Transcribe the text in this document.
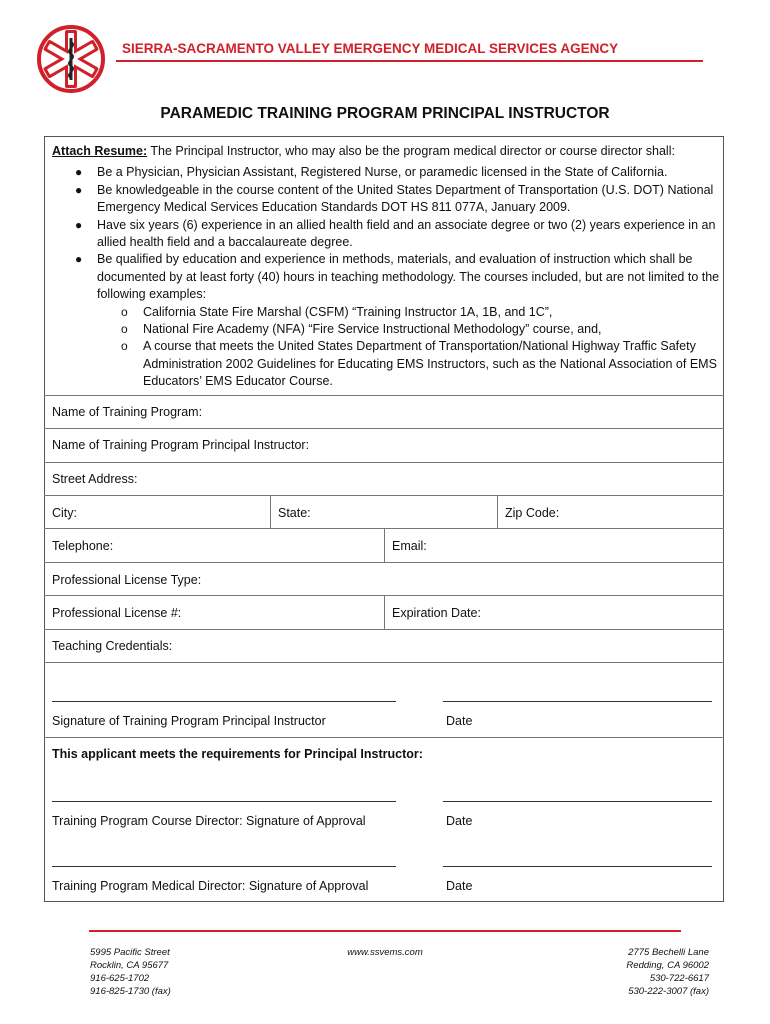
SIERRA-SACRAMENTO VALLEY EMERGENCY MEDICAL SERVICES AGENCY
PARAMEDIC TRAINING PROGRAM PRINCIPAL INSTRUCTOR
Attach Resume: The Principal Instructor, who may also be the program medical director or course director shall:
● Be a Physician, Physician Assistant, Registered Nurse, or paramedic licensed in the State of California.
● Be knowledgeable in the course content of the United States Department of Transportation (U.S. DOT) National Emergency Medical Services Education Standards DOT HS 811 077A, January 2009.
● Have six years (6) experience in an allied health field and an associate degree or two (2) years experience in an allied health field and a baccalaureate degree.
● Be qualified by education and experience in methods, materials, and evaluation of instruction which shall be documented by at least forty (40) hours in teaching methodology. The courses included, but are not limited to the following examples:
o California State Fire Marshal (CSFM) “Training Instructor 1A, 1B, and 1C”,
o National Fire Academy (NFA) “Fire Service Instructional Methodology” course, and,
o A course that meets the United States Department of Transportation/National Highway Traffic Safety Administration 2002 Guidelines for Educating EMS Instructors, such as the National Association of EMS Educators’ EMS Educator Course.
Name of Training Program:
Name of Training Program Principal Instructor:
Street Address:
City:	State:	Zip Code:
Telephone:	Email:
Professional License Type:
Professional License #:	Expiration Date:
Teaching Credentials:
Signature of Training Program Principal Instructor	Date
This applicant meets the requirements for Principal Instructor:
Training Program Course Director: Signature of Approval	Date
Training Program Medical Director: Signature of Approval	Date
5995 Pacific Street
Rocklin, CA 95677
916-625-1702
916-825-1730 (fax)
www.ssvems.com	2775 Bechelli Lane
Redding, CA 96002
530-722-6617
530-222-3007 (fax)
